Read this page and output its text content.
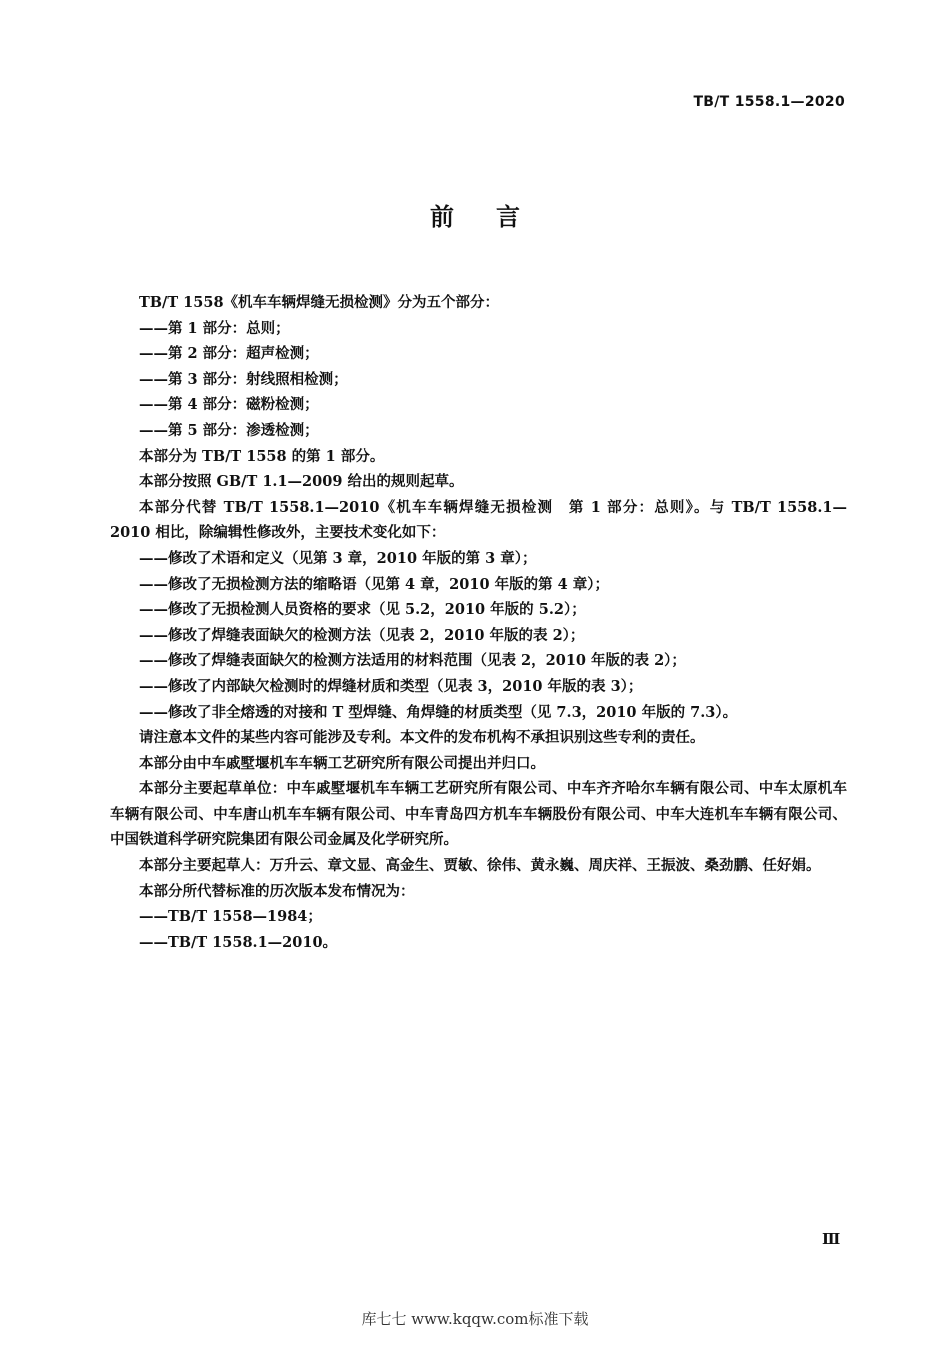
TB/T 1558.1—2020
前言

TB/T 1558《机车车辆焊缝无损检测》分为五个部分：

——第 1 部分：总则；

——第 2 部分：超声检测；

——第 3 部分：射线照相检测；

——第 4 部分：磁粉检测；

——第 5 部分：渗透检测；

本部分为 TB/T 1558 的第 1 部分。

本部分按照 GB/T 1.1—2009 给出的规则起草。

本部分代替 TB/T 1558.1—2010《机车车辆焊缝无损检测　第 1 部分：总则》。与 TB/T 1558.1—2010 相比，除编辑性修改外，主要技术变化如下：

——修改了术语和定义（见第 3 章，2010 年版的第 3 章）；

——修改了无损检测方法的缩略语（见第 4 章，2010 年版的第 4 章）；

——修改了无损检测人员资格的要求（见 5.2，2010 年版的 5.2）；

——修改了焊缝表面缺欠的检测方法（见表 2，2010 年版的表 2）；

——修改了焊缝表面缺欠的检测方法适用的材料范围（见表 2，2010 年版的表 2）；

——修改了内部缺欠检测时的焊缝材质和类型（见表 3，2010 年版的表 3）；

——修改了非全熔透的对接和 T 型焊缝、角焊缝的材质类型（见 7.3，2010 年版的 7.3）。

请注意本文件的某些内容可能涉及专利。本文件的发布机构不承担识别这些专利的责任。

本部分由中车戚墅堰机车车辆工艺研究所有限公司提出并归口。

本部分主要起草单位：中车戚墅堰机车车辆工艺研究所有限公司、中车齐齐哈尔车辆有限公司、中车太原机车车辆有限公司、中车唐山机车车辆有限公司、中车青岛四方机车车辆股份有限公司、中车大连机车车辆有限公司、中国铁道科学研究院集团有限公司金属及化学研究所。

本部分主要起草人：万升云、章文显、高金生、贾敏、徐伟、黄永巍、周庆祥、王振波、桑劲鹏、任好娟。

本部分所代替标准的历次版本发布情况为：

——TB/T 1558—1984；

——TB/T 1558.1—2010。

Ⅲ
库七七 www.kqqw.com标准下载
